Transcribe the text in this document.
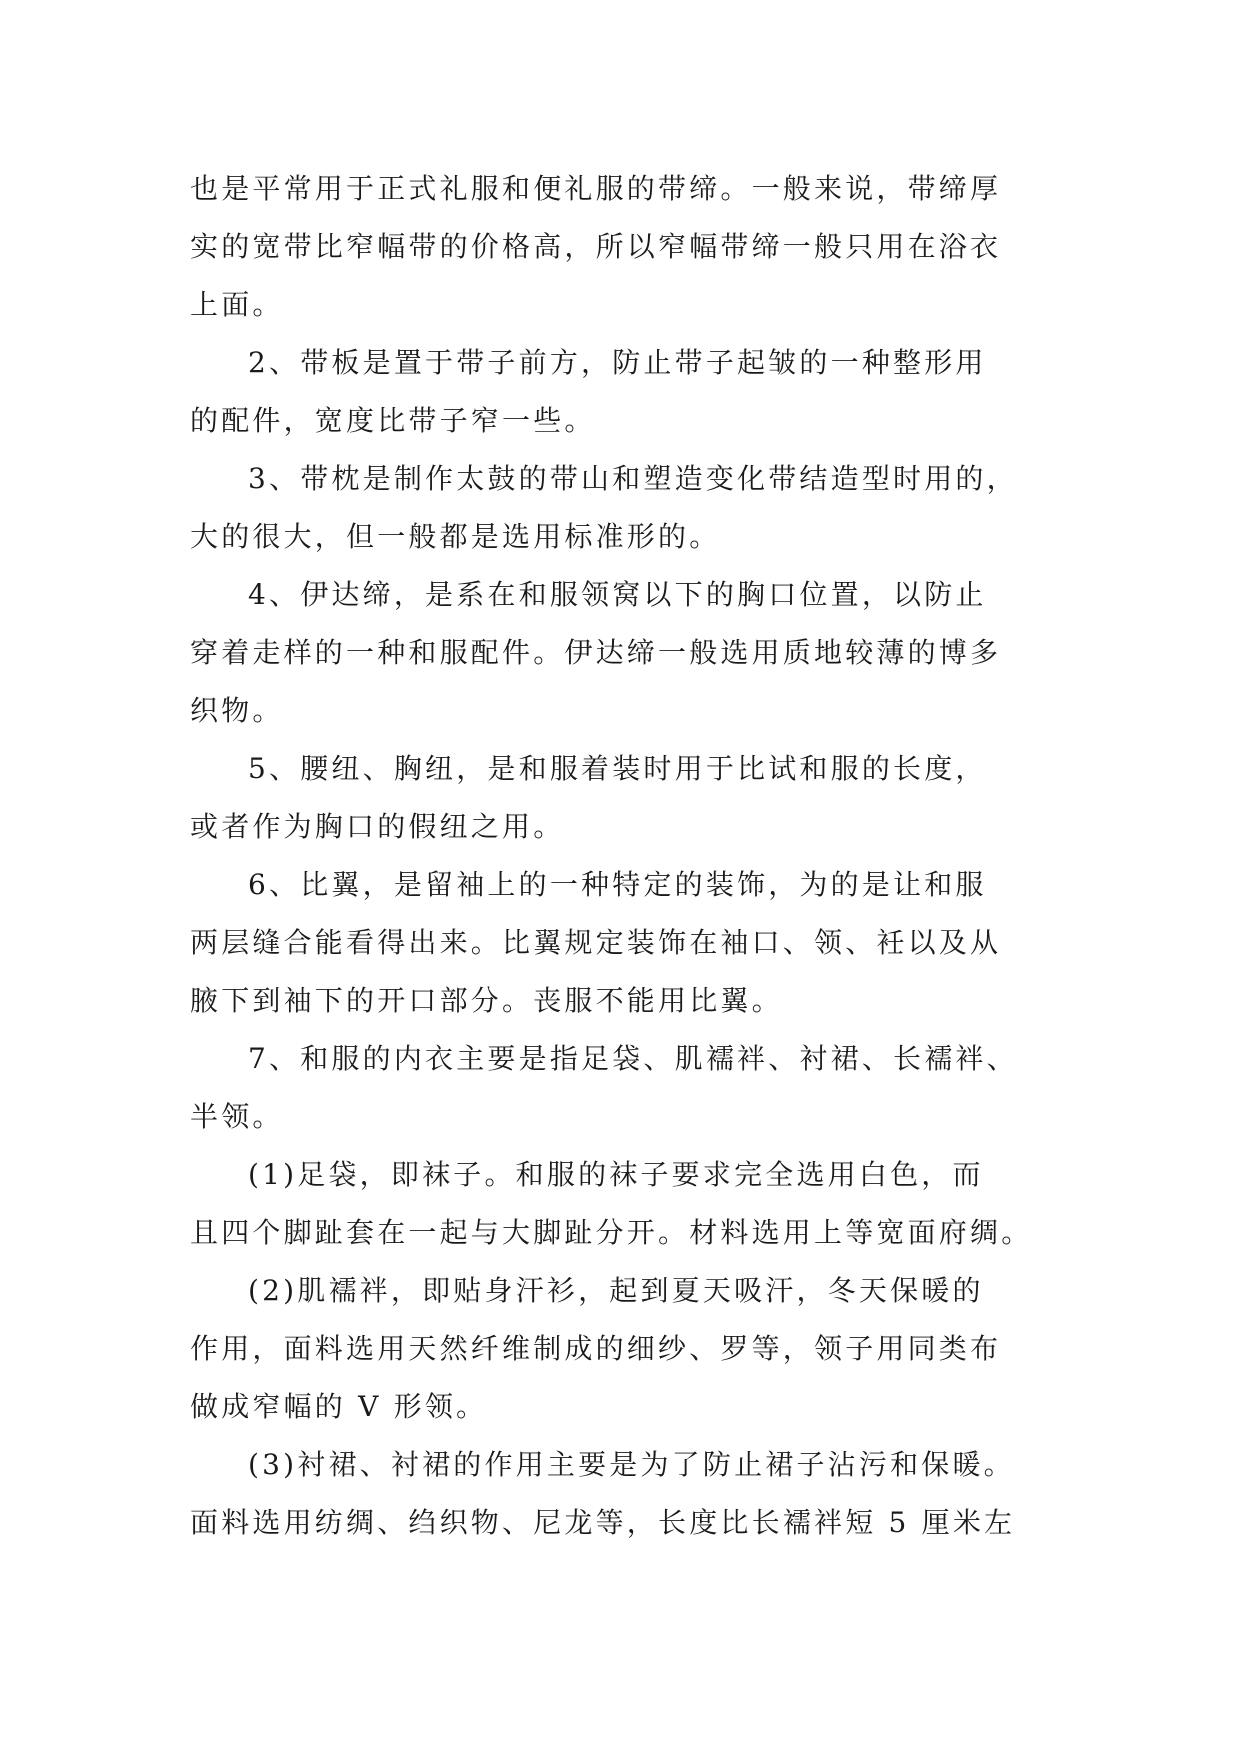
也是平常用于正式礼服和便礼服的带缔。一般来说，带缔厚
实的宽带比窄幅带的价格高，所以窄幅带缔一般只用在浴衣
上面。

2、带板是置于带子前方，防止带子起皱的一种整形用
的配件，宽度比带子窄一些。

3、带枕是制作太鼓的带山和塑造变化带结造型时用的，
大的很大，但一般都是选用标准形的。

4、伊达缔，是系在和服领窝以下的胸口位置，以防止
穿着走样的一种和服配件。伊达缔一般选用质地较薄的博多
织物。

5、腰纽、胸纽，是和服着装时用于比试和服的长度，
或者作为胸口的假纽之用。

6、比翼，是留袖上的一种特定的装饰，为的是让和服
两层缝合能看得出来。比翼规定装饰在袖口、领、衽以及从
腋下到袖下的开口部分。丧服不能用比翼。

7、和服的内衣主要是指足袋、肌襦袢、衬裙、长襦袢、
半领。

(1)足袋，即袜子。和服的袜子要求完全选用白色，而
且四个脚趾套在一起与大脚趾分开。材料选用上等宽面府绸。

(2)肌襦袢，即贴身汗衫，起到夏天吸汗，冬天保暖的
作用，面料选用天然纤维制成的细纱、罗等，领子用同类布
做成窄幅的 V 形领。

(3)衬裙、衬裙的作用主要是为了防止裙子沾污和保暖。
面料选用纺绸、绉织物、尼龙等，长度比长襦袢短 5 厘米左
